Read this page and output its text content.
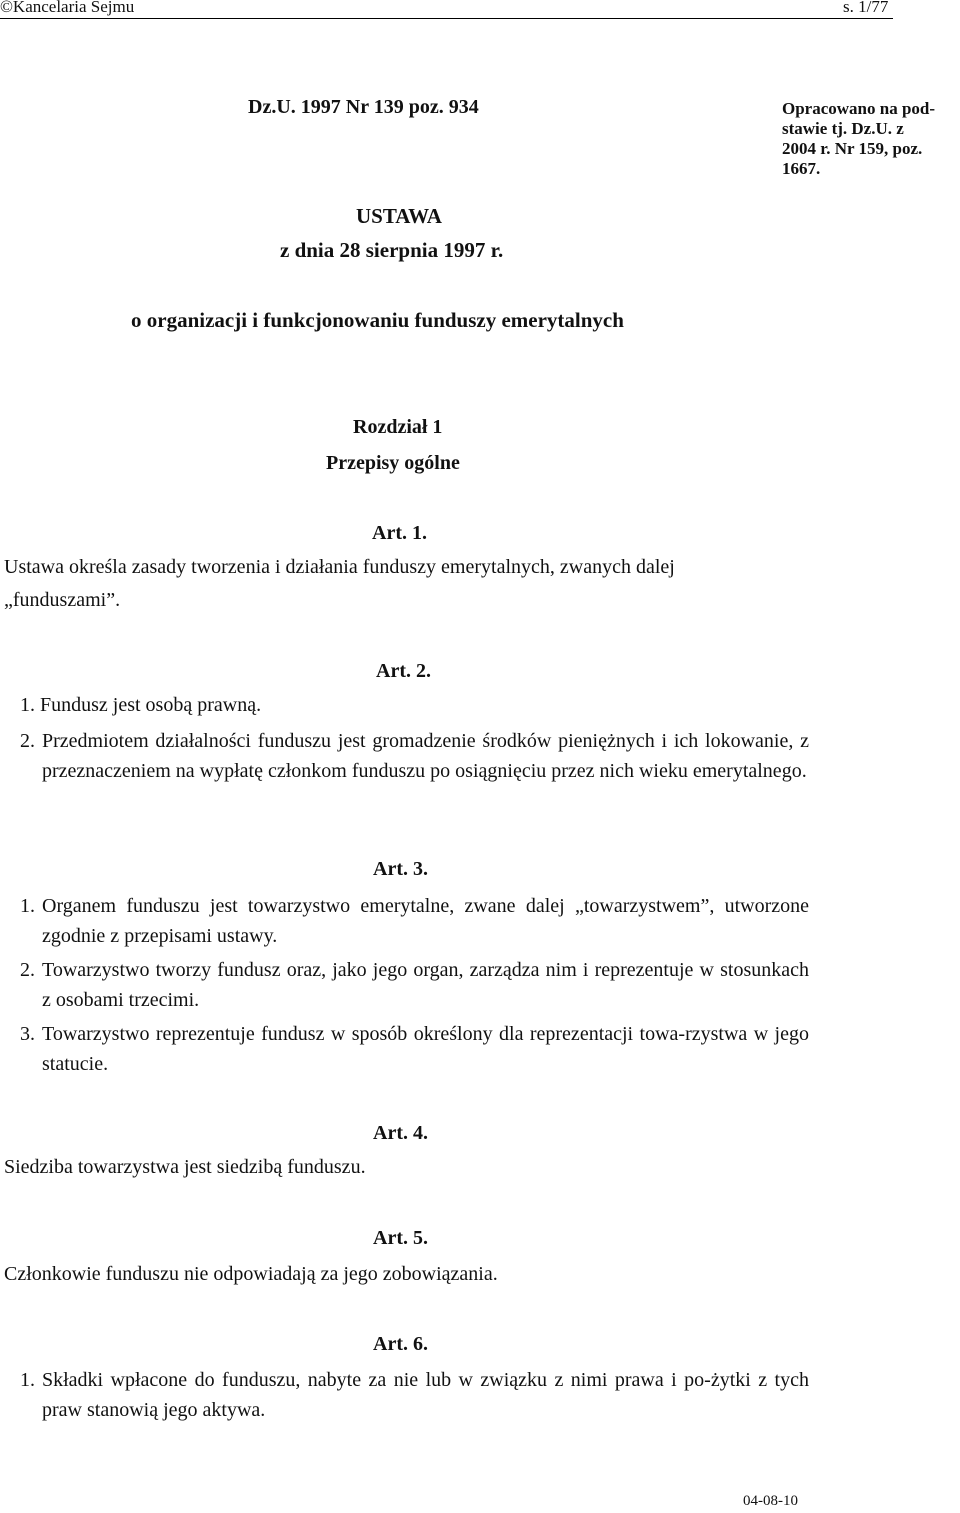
©Kancelaria Sejmu	s. 1/77
Dz.U. 1997 Nr 139 poz. 934	Opracowano na pod-
stawie tj. Dz.U. z
2004 r. Nr 159, poz.
1667.
USTAWA
z dnia 28 sierpnia 1997 r.
o organizacji i funkcjonowaniu funduszy emerytalnych
Rozdział 1
Przepisy ogólne
Art. 1.
Ustawa określa zasady tworzenia i działania funduszy emerytalnych, zwanych dalej
„funduszami”.
Art. 2.
1. Fundusz jest osobą prawną.
2. Przedmiotem działalności funduszu jest gromadzenie środków pieniężnych i ich lokowanie, z przeznaczeniem na wypłatę członkom funduszu po osiągnięciu przez nich wieku emerytalnego.
Art. 3.
1. Organem funduszu jest towarzystwo emerytalne, zwane dalej „towarzystwem”, utworzone zgodnie z przepisami ustawy.
2. Towarzystwo tworzy fundusz oraz, jako jego organ, zarządza nim i reprezentuje w stosunkach z osobami trzecimi.
3. Towarzystwo reprezentuje fundusz w sposób określony dla reprezentacji towa-rzystwa w jego statucie.
Art. 4.
Siedziba towarzystwa jest siedzibą funduszu.
Art. 5.
Członkowie funduszu nie odpowiadają za jego zobowiązania.
Art. 6.
1. Składki wpłacone do funduszu, nabyte za nie lub w związku z nimi prawa i po-żytki z tych praw stanowią jego aktywa.
04-08-10
